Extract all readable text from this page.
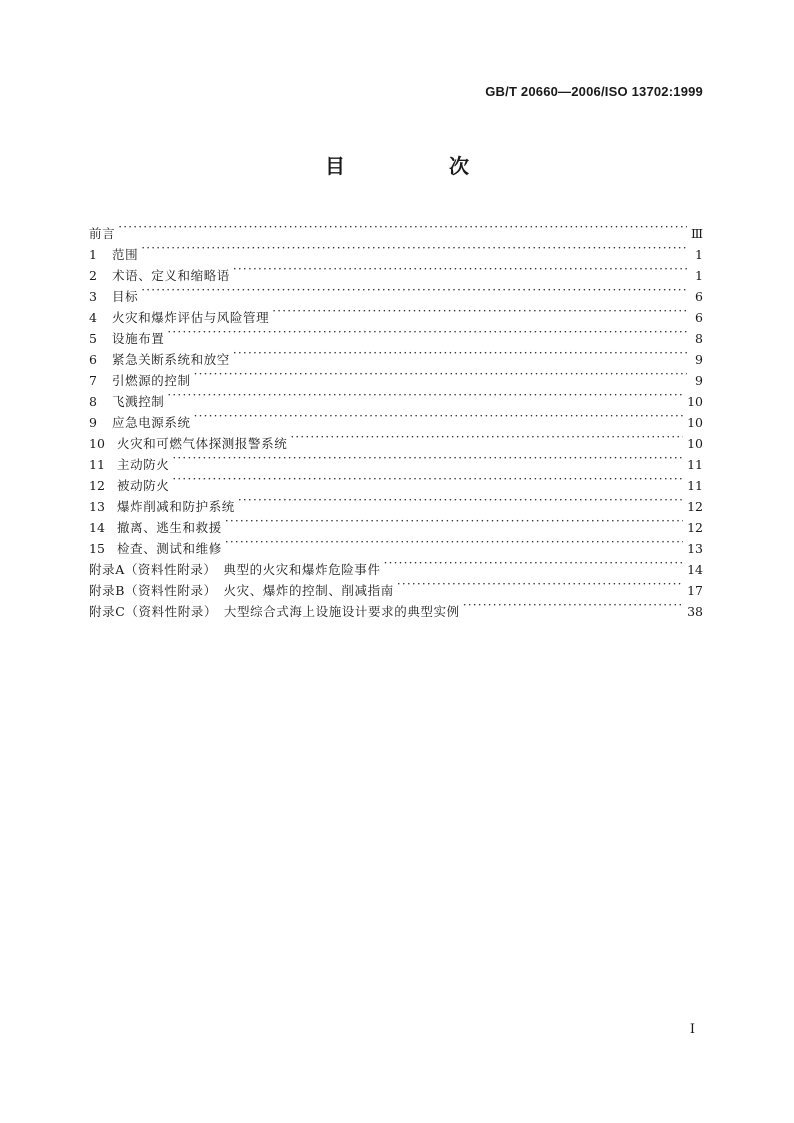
GB/T 20660—2006/ISO 13702:1999
目　次
前言 ·····	Ⅲ
1	范围 ·····	1
2	术语、定义和缩略语 ·····	1
3	目标 ·····	6
4	火灾和爆炸评估与风险管理 ·····	6
5	设施布置 ·····	8
6	紧急关断系统和放空 ·····	9
7	引燃源的控制 ·····	9
8	飞溅控制 ·····	10
9	应急电源系统 ·····	10
10 火灾和可燃气体探测报警系统 ·····	10
11 主动防火 ·····	11
12 被动防火 ·····	11
13 爆炸削减和防护系统 ·····	12
14 撤离、逃生和救援 ·····	12
15 检查、测试和维修 ·····	13
附录A（资料性附录）　典型的火灾和爆炸危险事件 ·····	14
附录B（资料性附录）　火灾、爆炸的控制、削减指南 ·····	17
附录C（资料性附录）　大型综合式海上设施设计要求的典型实例 ·····	38
I
